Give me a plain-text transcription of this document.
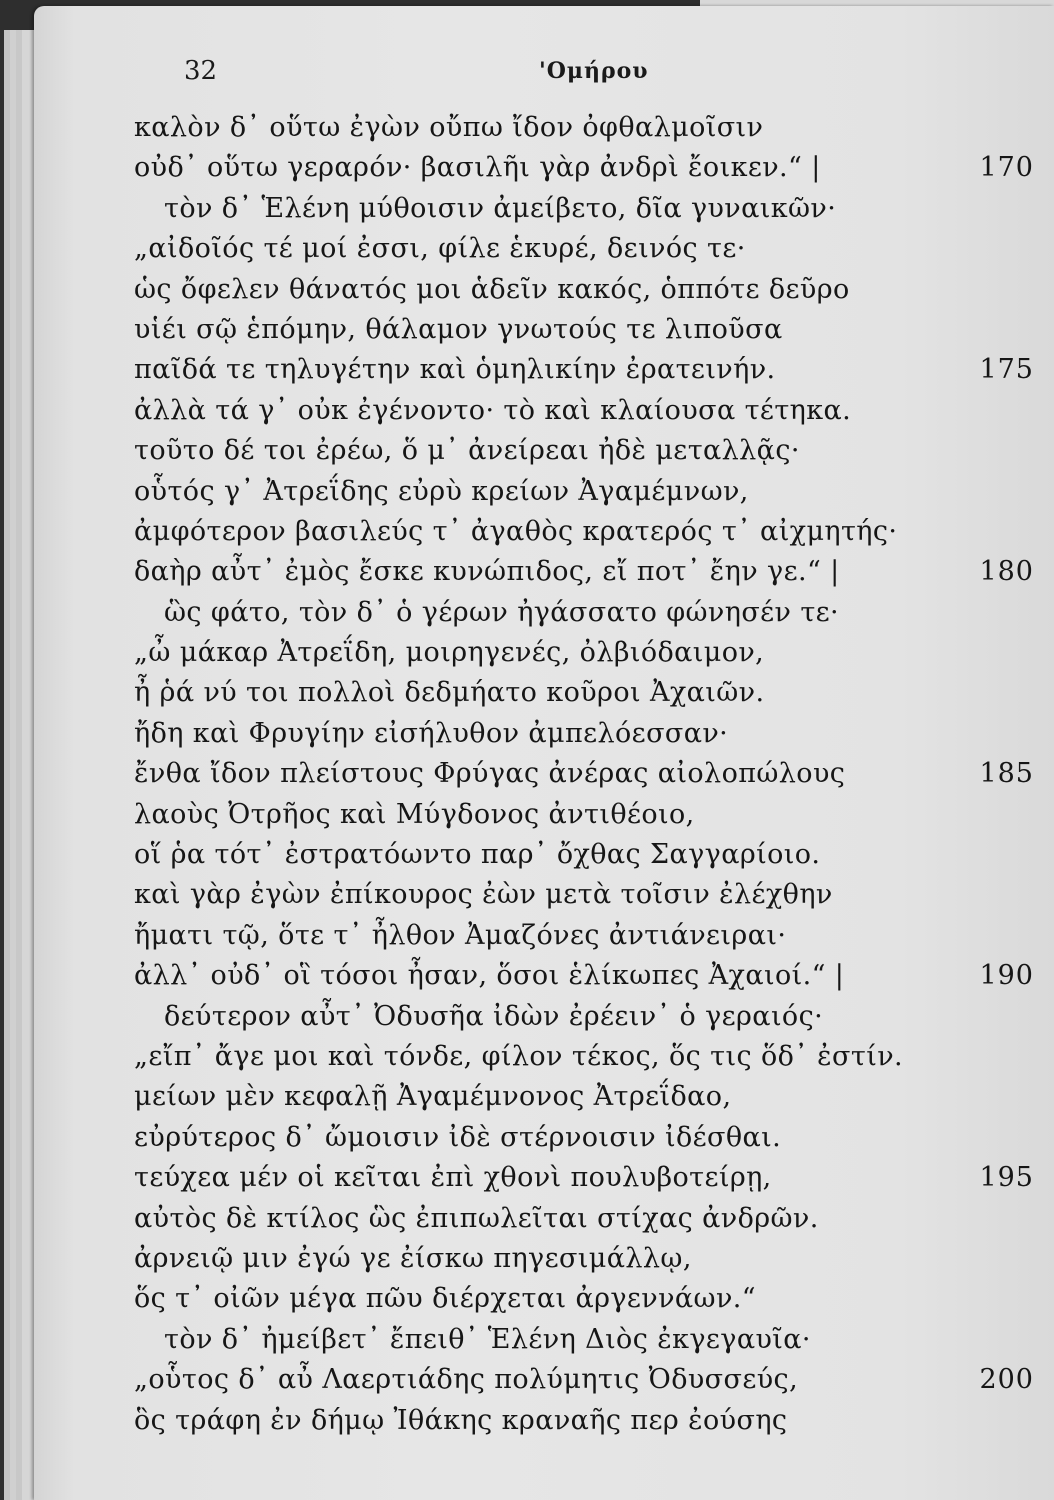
32	'Ομήρου
καλὸν δ᾽ οὕτω ἐγὼν οὔπω ἴδον ὀφθαλμοῖσιν
οὐδ᾽ οὕτω γεραρόν· βασιλῆι γὰρ ἀνδρὶ ἔοικεν.“ |	170
τὸν δ᾽ Ἑλένη μύθοισιν ἀμείβετο, δῖα γυναικῶν·
„αἰδοῖός τέ μοί ἐσσι, φίλε ἑκυρέ, δεινός τε·
ὡς ὄφελεν θάνατός μοι ἁδεῖν κακός, ὁππότε δεῦρο
υἱέι σῷ ἑπόμην, θάλαμον γνωτούς τε λιποῦσα
παῖδά τε τηλυγέτην καὶ ὁμηλικίην ἐρατεινήν.	175
ἀλλὰ τά γ᾽ οὐκ ἐγένοντο· τὸ καὶ κλαίουσα τέτηκα.
τοῦτο δέ τοι ἐρέω, ὅ μ᾽ ἀνείρεαι ἠδὲ μεταλλᾷς·
οὗτός γ᾽ Ἀτρεΐδης εὐρὺ κρείων Ἀγαμέμνων,
ἀμφότερον βασιλεύς τ᾽ ἀγαθὸς κρατερός τ᾽ αἰχμητής·
δαὴρ αὖτ᾽ ἐμὸς ἔσκε κυνώπιδος, εἴ ποτ᾽ ἔην γε.“ |	180
ὣς φάτο, τὸν δ᾽ ὁ γέρων ἠγάσσατο φώνησέν τε·
„ὦ μάκαρ Ἀτρεΐδη, μοιρηγενές, ὀλβιόδαιμον,
ἦ ῥά νύ τοι πολλοὶ δεδμήατο κοῦροι Ἀχαιῶν.
ἤδη καὶ Φρυγίην εἰσήλυθον ἀμπελόεσσαν·
ἔνθα ἴδον πλείστους Φρύγας ἀνέρας αἰολοπώλους	185
λαοὺς Ὀτρῆος καὶ Μύγδονος ἀντιθέοιο,
οἵ ῥα τότ᾽ ἐστρατόωντο παρ᾽ ὄχθας Σαγγαρίοιο.
καὶ γὰρ ἐγὼν ἐπίκουρος ἐὼν μετὰ τοῖσιν ἐλέχθην
ἤματι τῷ, ὅτε τ᾽ ἦλθον Ἀμαζόνες ἀντιάνειραι·
ἀλλ᾽ οὐδ᾽ οἳ τόσοι ἦσαν, ὅσοι ἑλίκωπες Ἀχαιοί.“ |	190
δεύτερον αὖτ᾽ Ὀδυσῆα ἰδὼν ἐρέειν᾽ ὁ γεραιός·
„εἴπ᾽ ἄγε μοι καὶ τόνδε, φίλον τέκος, ὅς τις ὅδ᾽ ἐστίν.
μείων μὲν κεφαλῇ Ἀγαμέμνονος Ἀτρεΐδαο,
εὐρύτερος δ᾽ ὤμοισιν ἰδὲ στέρνοισιν ἰδέσθαι.
τεύχεα μέν οἱ κεῖται ἐπὶ χθονὶ πουλυβοτείρῃ,	195
αὐτὸς δὲ κτίλος ὣς ἐπιπωλεῖται στίχας ἀνδρῶν.
ἀρνειῷ μιν ἐγώ γε ἐίσκω πηγεσιμάλλῳ,
ὅς τ᾽ οἰῶν μέγα πῶυ διέρχεται ἀργεννάων.“
τὸν δ᾽ ἠμείβετ᾽ ἔπειθ᾽ Ἑλένη Διὸς ἐκγεγαυῖα·
„οὗτος δ᾽ αὖ Λαερτιάδης πολύμητις Ὀδυσσεύς,	200
ὃς τράφη ἐν δήμῳ Ἰθάκης κραναῆς περ ἐούσης
